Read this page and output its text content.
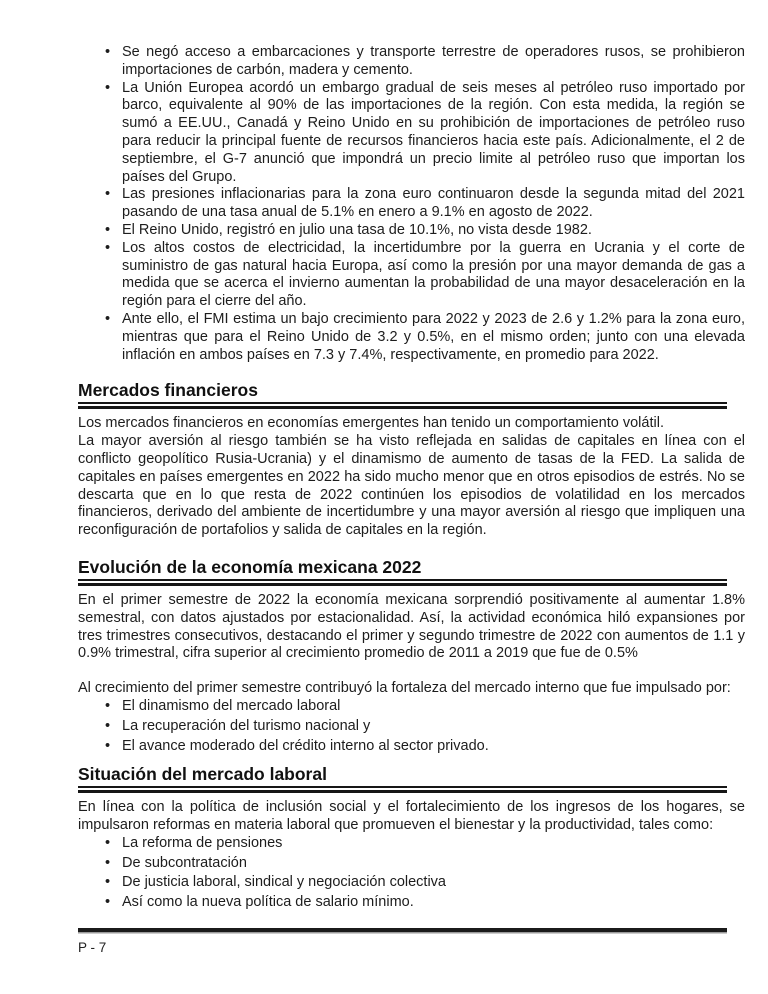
• Se negó acceso a embarcaciones y transporte terrestre de operadores rusos, se prohibieron importaciones de carbón, madera y cemento.
• La Unión Europea acordó un embargo gradual de seis meses al petróleo ruso importado por barco, equivalente al 90% de las importaciones de la región. Con esta medida, la región se sumó a EE.UU., Canadá y Reino Unido en su prohibición de importaciones de petróleo ruso para reducir la principal fuente de recursos financieros hacia este país. Adicionalmente, el 2 de septiembre, el G-7 anunció que impondrá un precio limite al petróleo ruso que importan los países del Grupo.
• Las presiones inflacionarias para la zona euro continuaron desde la segunda mitad del 2021 pasando de una tasa anual de 5.1% en enero a 9.1% en agosto de 2022.
• El Reino Unido, registró en julio una tasa de 10.1%, no vista desde 1982.
• Los altos costos de electricidad, la incertidumbre por la guerra en Ucrania y el corte de suministro de gas natural hacia Europa, así como la presión por una mayor demanda de gas a medida que se acerca el invierno aumentan la probabilidad de una mayor desaceleración en la región para el cierre del año.
• Ante ello, el FMI estima un bajo crecimiento para 2022 y 2023 de 2.6 y 1.2% para la zona euro, mientras que para el Reino Unido de 3.2 y 0.5%, en el mismo orden; junto con una elevada inflación en ambos países en 7.3 y 7.4%, respectivamente, en promedio para 2022.
Mercados financieros

Los mercados financieros en economías emergentes han tenido un comportamiento volátil.

La mayor aversión al riesgo también se ha visto reflejada en salidas de capitales en línea con el conflicto geopolítico Rusia-Ucrania) y el dinamismo de aumento de tasas de la FED. La salida de capitales en países emergentes en 2022 ha sido mucho menor que en otros episodios de estrés. No se descarta que en lo que resta de 2022 continúen los episodios de volatilidad en los mercados financieros, derivado del ambiente de incertidumbre y una mayor aversión al riesgo que impliquen una reconfiguración de portafolios y salida de capitales en la región.

Evolución de la economía mexicana 2022

En el primer semestre de 2022 la economía mexicana sorprendió positivamente al aumentar 1.8% semestral, con datos ajustados por estacionalidad. Así, la actividad económica hiló expansiones por tres trimestres consecutivos, destacando el primer y segundo trimestre de 2022 con aumentos de 1.1 y 0.9% trimestral, cifra superior al crecimiento promedio de 2011 a 2019 que fue de 0.5%

Al crecimiento del primer semestre contribuyó la fortaleza del mercado interno que fue impulsado por:

• El dinamismo del mercado laboral
• La recuperación del turismo nacional y
• El avance moderado del crédito interno al sector privado.
Situación del mercado laboral

En línea con la política de inclusión social y el fortalecimiento de los ingresos de los hogares, se impulsaron reformas en materia laboral que promueven el bienestar y la productividad, tales como:

• La reforma de pensiones
• De subcontratación
• De justicia laboral, sindical y negociación colectiva
• Así como la nueva política de salario mínimo.
P - 7
